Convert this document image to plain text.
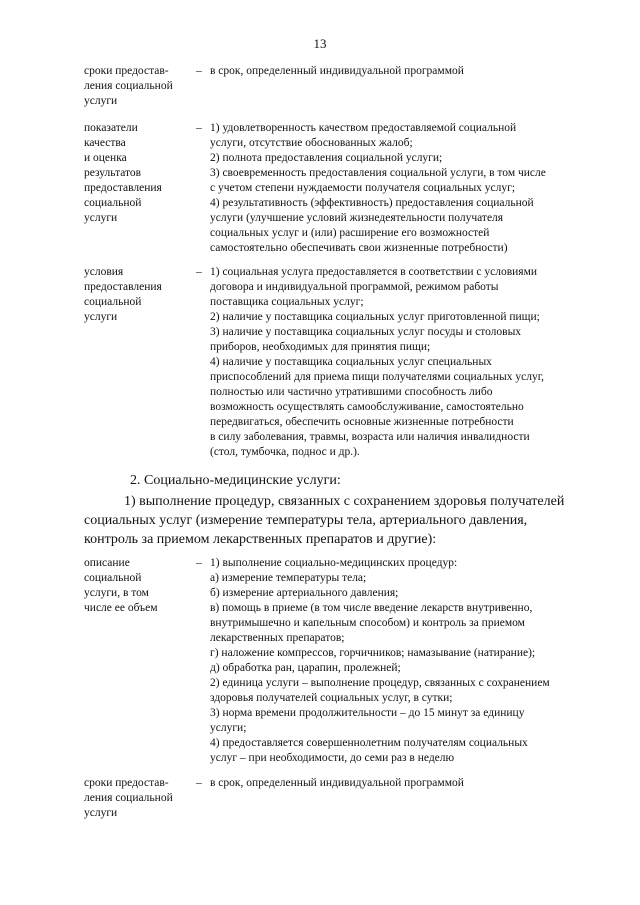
13
сроки предостав-
ления социальной
услуги
– в срок, определенный индивидуальной программой
показатели
качества
и оценка
результатов
предоставления
социальной
услуги
– 1) удовлетворенность качеством предоставляемой социальной
услуги, отсутствие обоснованных жалоб;
2) полнота предоставления социальной услуги;
3) своевременность предоставления социальной услуги, в том числе
с учетом степени нуждаемости получателя социальных услуг;
4) результативность (эффективность) предоставления социальной
услуги (улучшение условий жизнедеятельности получателя
социальных услуг и (или) расширение его возможностей
самостоятельно обеспечивать свои жизненные потребности)
условия
предоставления
социальной
услуги
– 1) социальная услуга предоставляется в соответствии с условиями
договора и индивидуальной программой, режимом работы
поставщика социальных услуг;
2) наличие у поставщика социальных услуг приготовленной пищи;
3) наличие у поставщика социальных услуг посуды и столовых
приборов, необходимых для принятия пищи;
4) наличие у поставщика социальных услуг специальных
приспособлений для приема пищи получателями социальных услуг,
полностью или частично утратившими способность либо
возможность осуществлять самообслуживание, самостоятельно
передвигаться, обеспечить основные жизненные потребности
в силу заболевания, травмы, возраста или наличия инвалидности
(стол, тумбочка, поднос и др.).
2. Социально-медицинские услуги:
1) выполнение процедур, связанных с сохранением здоровья получателей
социальных услуг (измерение температуры тела, артериального давления,
контроль за приемом лекарственных препаратов и другие):
описание
социальной
услуги, в том
числе ее объем
– 1) выполнение социально-медицинских процедур:
а) измерение температуры тела;
б) измерение артериального давления;
в) помощь в приеме (в том числе введение лекарств внутривенно,
внутримышечно и капельным способом) и контроль за приемом
лекарственных препаратов;
г) наложение компрессов, горчичников; намазывание (натирание);
д) обработка ран, царапин, пролежней;
2) единица услуги – выполнение процедур, связанных с сохранением
здоровья получателей социальных услуг, в сутки;
3) норма времени продолжительности – до 15 минут за единицу
услуги;
4) предоставляется совершеннолетним получателям социальных
услуг – при необходимости, до семи раз в неделю
сроки предостав-
ления социальной
услуги
– в срок, определенный индивидуальной программой
